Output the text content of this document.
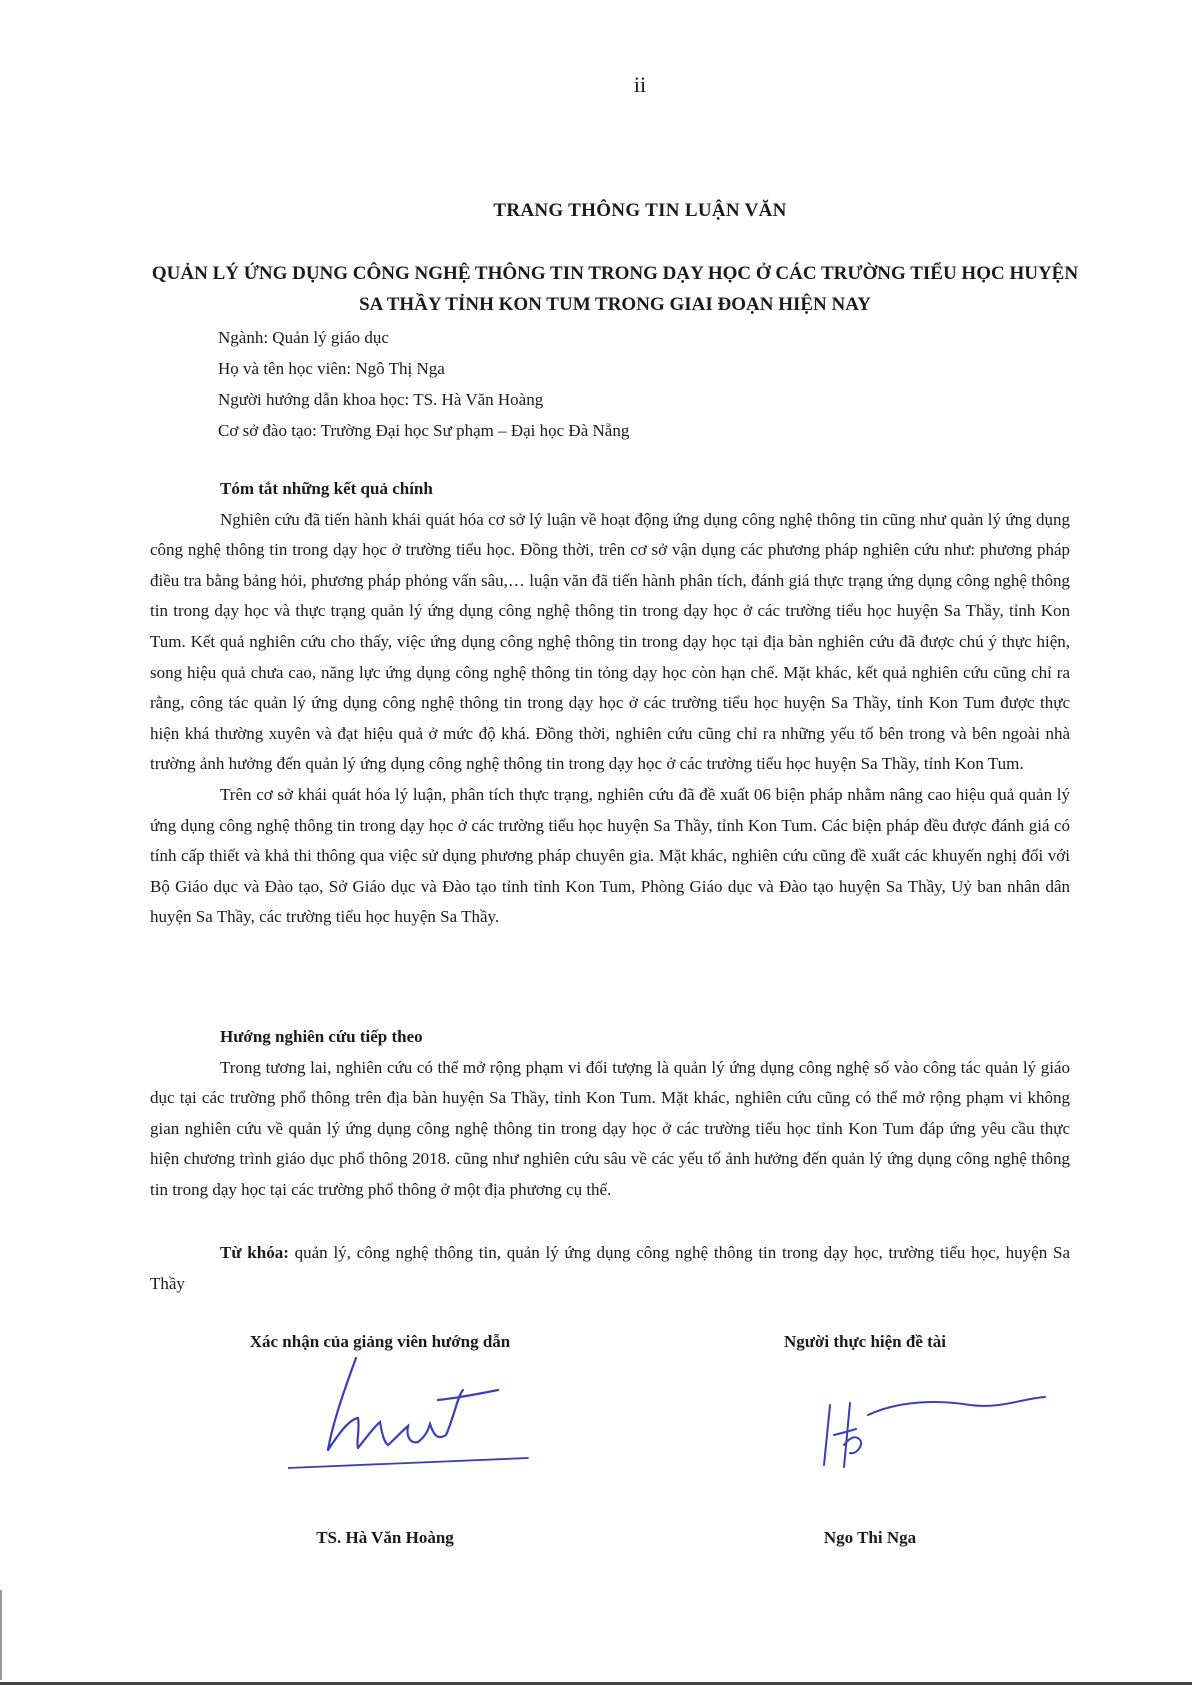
ii
TRANG THÔNG TIN LUẬN VĂN
QUẢN LÝ ỨNG DỤNG CÔNG NGHỆ THÔNG TIN TRONG DẠY HỌC Ở CÁC TRƯỜNG TIỂU HỌC HUYỆN SA THẦY TỈNH KON TUM TRONG GIAI ĐOẠN HIỆN NAY
Ngành: Quản lý giáo dục
Họ và tên học viên: Ngô Thị Nga
Người hướng dẫn khoa học: TS. Hà Văn Hoàng
Cơ sở đào tạo: Trường Đại học Sư phạm – Đại học Đà Nẵng
Tóm tắt những kết quả chính

Nghiên cứu đã tiến hành khái quát hóa cơ sở lý luận về hoạt động ứng dụng công nghệ thông tin cũng như quản lý ứng dụng công nghệ thông tin trong dạy học ở trường tiểu học. Đồng thời, trên cơ sở vận dụng các phương pháp nghiên cứu như: phương pháp điều tra bằng bảng hỏi, phương pháp phỏng vấn sâu,… luận văn đã tiến hành phân tích, đánh giá thực trạng ứng dụng công nghệ thông tin trong dạy học và thực trạng quản lý ứng dụng công nghệ thông tin trong dạy học ở các trường tiểu học huyện Sa Thầy, tỉnh Kon Tum. Kết quả nghiên cứu cho thấy, việc ứng dụng công nghệ thông tin trong dạy học tại địa bàn nghiên cứu đã được chú ý thực hiện, song hiệu quả chưa cao, năng lực ứng dụng công nghệ thông tin tỏng dạy học còn hạn chế. Mặt khác, kết quả nghiên cứu cũng chỉ ra rằng, công tác quản lý ứng dụng công nghệ thông tin trong dạy học ở các trường tiểu học huyện Sa Thầy, tỉnh Kon Tum được thực hiện khá thường xuyên và đạt hiệu quả ở mức độ khá. Đồng thời, nghiên cứu cũng chỉ ra những yếu tố bên trong và bên ngoài nhà trường ảnh hưởng đến quản lý ứng dụng công nghệ thông tin trong dạy học ở các trường tiểu học huyện Sa Thầy, tỉnh Kon Tum.

Trên cơ sở khái quát hóa lý luận, phân tích thực trạng, nghiên cứu đã đề xuất 06 biện pháp nhằm nâng cao hiệu quả quản lý ứng dụng công nghệ thông tin trong dạy học ở các trường tiểu học huyện Sa Thầy, tỉnh Kon Tum. Các biện pháp đều được đánh giá có tính cấp thiết và khả thi thông qua việc sử dụng phương pháp chuyên gia. Mặt khác, nghiên cứu cũng đề xuất các khuyến nghị đối với Bộ Giáo dục và Đào tạo, Sở Giáo dục và Đào tạo tỉnh tỉnh Kon Tum, Phòng Giáo dục và Đào tạo huyện Sa Thầy, Uỷ ban nhân dân huyện Sa Thầy, các trường tiểu học huyện Sa Thầy.

Hướng nghiên cứu tiếp theo

Trong tương lai, nghiên cứu có thể mở rộng phạm vi đối tượng là quản lý ứng dụng công nghệ số vào công tác quản lý giáo dục tại các trường phổ thông trên địa bàn huyện Sa Thầy, tỉnh Kon Tum. Mặt khác, nghiên cứu cũng có thể mở rộng phạm vi không gian nghiên cứu về quản lý ứng dụng công nghệ thông tin trong dạy học ở các trường tiểu học tỉnh Kon Tum đáp ứng yêu cầu thực hiện chương trình giáo dục phổ thông 2018. cũng như nghiên cứu sâu về các yếu tố ảnh hưởng đến quản lý ứng dụng công nghệ thông tin trong dạy học tại các trường phổ thông ở một địa phương cụ thể.

Từ khóa: quản lý, công nghệ thông tin, quản lý ứng dụng công nghệ thông tin trong dạy học, trường tiểu học, huyện Sa Thầy

Xác nhận của giảng viên hướng dẫn	Người thực hiện đề tài
TS. Hà Văn Hoàng	Ngo Thi Nga
